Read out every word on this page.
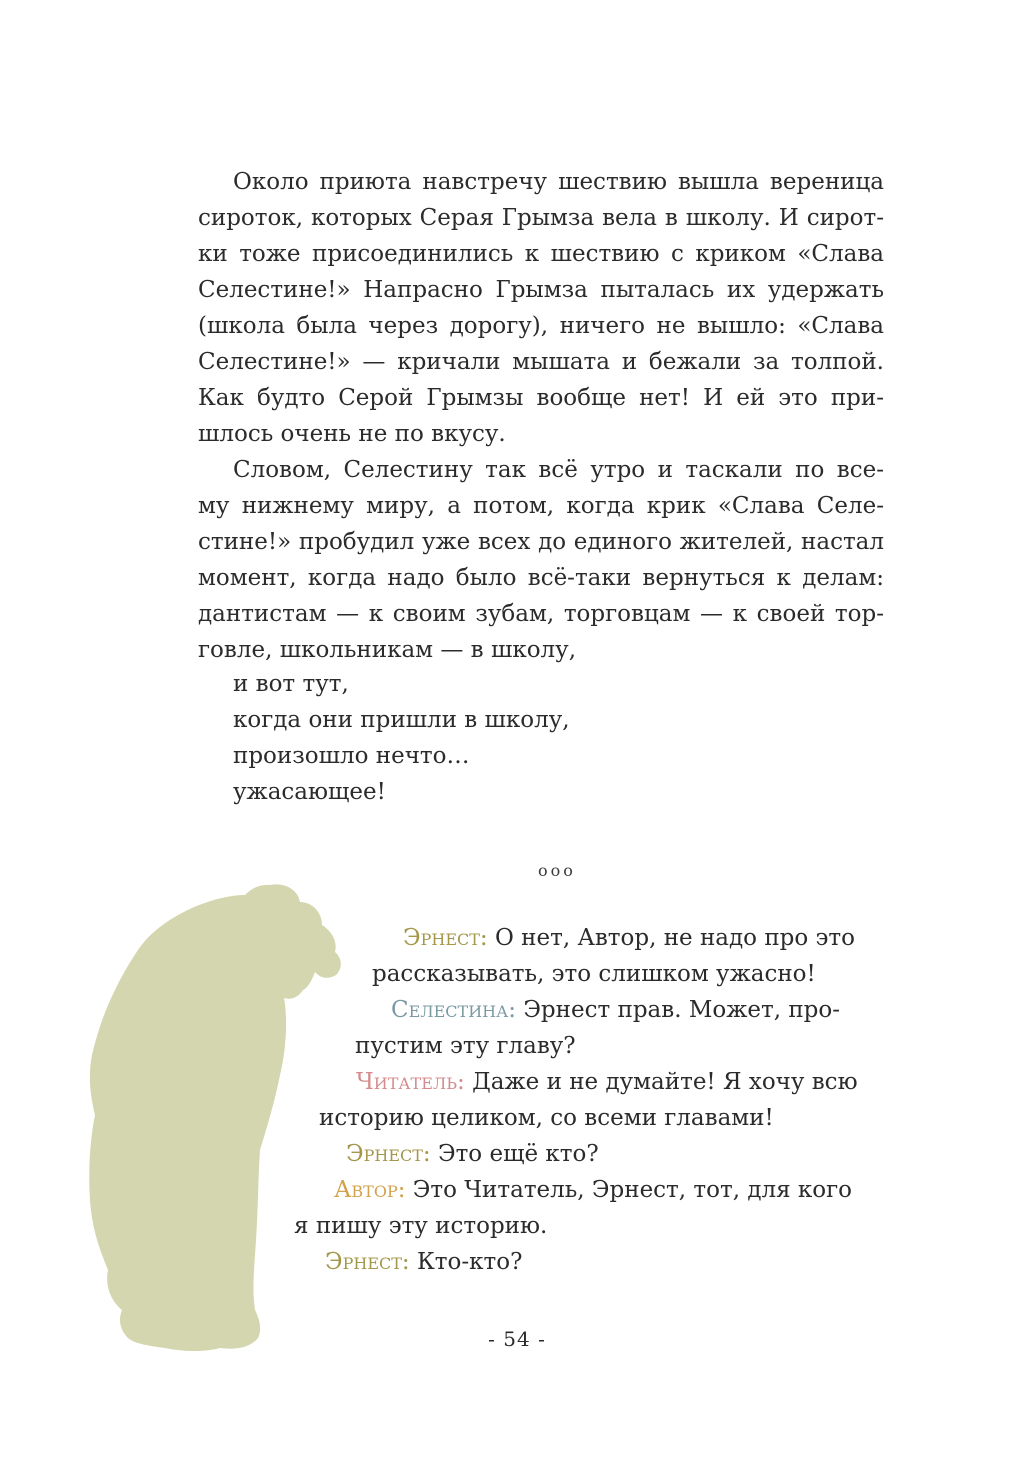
Около приюта навстречу шествию вышла вереница
сироток, которых Серая Грымза вела в школу. И сирот-
ки тоже присоединились к шествию с криком «Слава
Селестине!» Напрасно Грымза пыталась их удержать
(школа была через дорогу), ничего не вышло: «Слава
Селестине!» — кричали мышата и бежали за толпой.
Как будто Серой Грымзы вообще нет! И ей это при-
шлось очень не по вкусу.
Словом, Селестину так всё утро и таскали по все-
му нижнему миру, а потом, когда крик «Слава Селе-
стине!» пробудил уже всех до единого жителей, настал
момент, когда надо было всё-таки вернуться к делам:
дантистам — к своим зубам, торговцам — к своей тор-
говле, школьникам — в школу,
и вот тут,
когда они пришли в школу,
произошло нечто…
ужасающее!
ооо
Эрнест: О нет, Автор, не надо про это
рассказывать, это слишком ужасно!
Селестина: Эрнест прав. Может, про-
пустим эту главу?
Читатель: Даже и не думайте! Я хочу всю
историю целиком, со всеми главами!
Эрнест: Это ещё кто?
Автор: Это Читатель, Эрнест, тот, для кого
я пишу эту историю.
Эрнест: Кто-кто?
- 54 -
